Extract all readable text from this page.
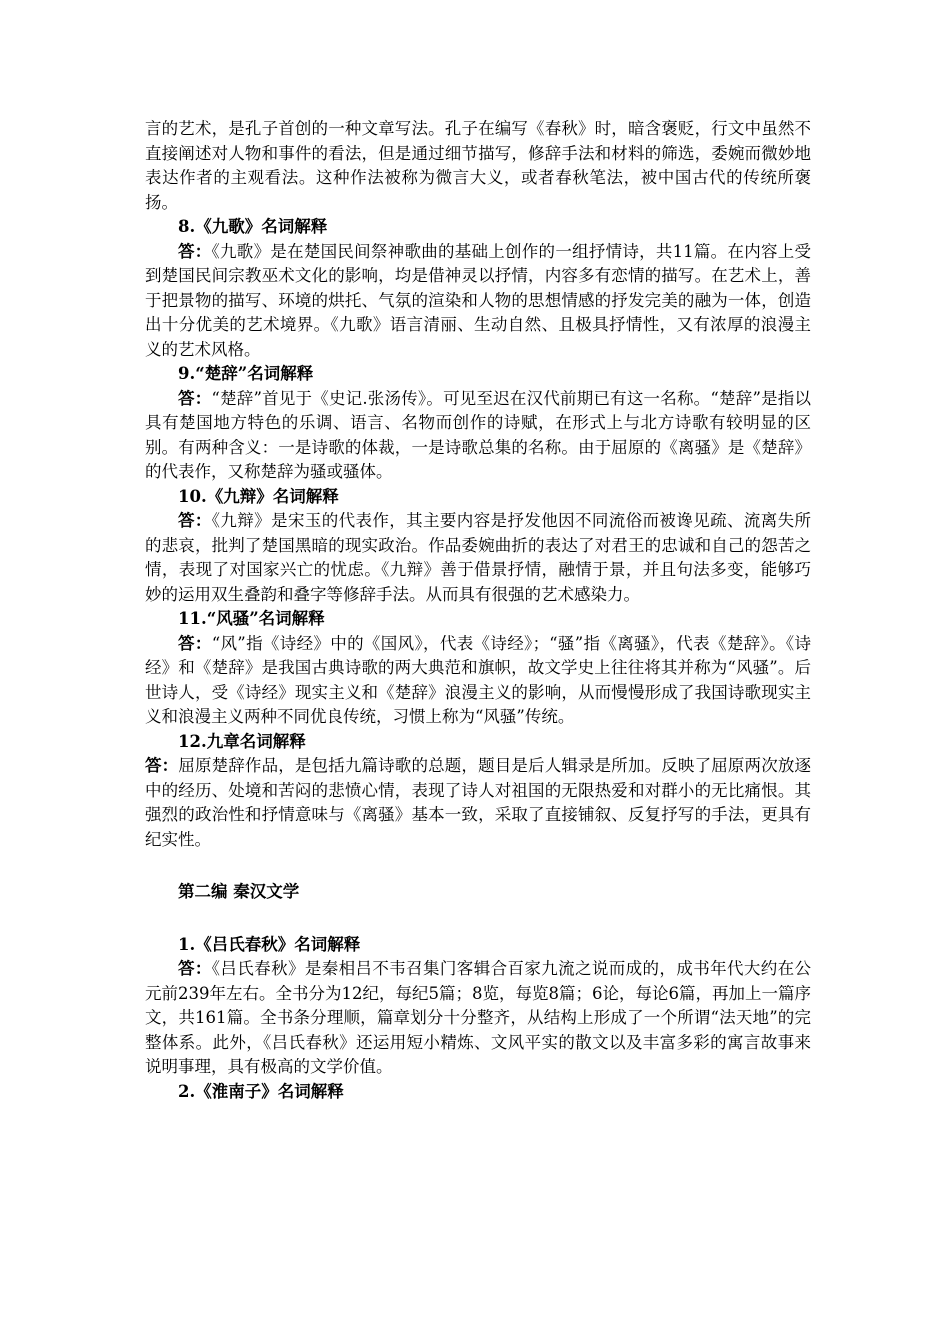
言的艺术，是孔子首创的一种文章写法。孔子在编写《春秋》时，暗含褒贬，行文中虽然不直接阐述对人物和事件的看法，但是通过细节描写，修辞手法和材料的筛选，委婉而微妙地表达作者的主观看法。这种作法被称为微言大义，或者春秋笔法，被中国古代的传统所褒扬。

8.《九歌》名词解释

答：《九歌》是在楚国民间祭神歌曲的基础上创作的一组抒情诗，共11篇。在内容上受到楚国民间宗教巫术文化的影响，均是借神灵以抒情，内容多有恋情的描写。在艺术上，善于把景物的描写、环境的烘托、气氛的渲染和人物的思想情感的抒发完美的融为一体，创造出十分优美的艺术境界。《九歌》语言清丽、生动自然、且极具抒情性，又有浓厚的浪漫主义的艺术风格。

9.“楚辞”名词解释

答：“楚辞”首见于《史记.张汤传》。可见至迟在汉代前期已有这一名称。“楚辞”是指以具有楚国地方特色的乐调、语言、名物而创作的诗赋，在形式上与北方诗歌有较明显的区别。有两种含义：一是诗歌的体裁，一是诗歌总集的名称。由于屈原的《离骚》是《楚辞》的代表作，又称楚辞为骚或骚体。

10.《九辩》名词解释

答：《九辩》是宋玉的代表作，其主要内容是抒发他因不同流俗而被谗见疏、流离失所的悲哀，批判了楚国黑暗的现实政治。作品委婉曲折的表达了对君王的忠诚和自己的怨苦之情，表现了对国家兴亡的忧虑。《九辩》善于借景抒情，融情于景，并且句法多变，能够巧妙的运用双生叠韵和叠字等修辞手法。从而具有很强的艺术感染力。

11.“风骚”名词解释

答：“风”指《诗经》中的《国风》，代表《诗经》；“骚”指《离骚》，代表《楚辞》。《诗经》和《楚辞》是我国古典诗歌的两大典范和旗帜，故文学史上往往将其并称为“风骚”。后世诗人，受《诗经》现实主义和《楚辞》浪漫主义的影响，从而慢慢形成了我国诗歌现实主义和浪漫主义两种不同优良传统，习惯上称为“风骚”传统。

12.九章名词解释

答：屈原楚辞作品，是包括九篇诗歌的总题，题目是后人辑录是所加。反映了屈原两次放逐中的经历、处境和苦闷的悲愤心情，表现了诗人对祖国的无限热爱和对群小的无比痛恨。其强烈的政治性和抒情意味与《离骚》基本一致，采取了直接铺叙、反复抒写的手法，更具有纪实性。

第二编 秦汉文学

1.《吕氏春秋》名词解释

答：《吕氏春秋》是秦相吕不韦召集门客辑合百家九流之说而成的，成书年代大约在公元前239年左右。全书分为12纪，每纪5篇；8览，每览8篇；6论，每论6篇，再加上一篇序文，共161篇。全书条分理顺，篇章划分十分整齐，从结构上形成了一个所谓“法天地”的完整体系。此外，《吕氏春秋》还运用短小精炼、文风平实的散文以及丰富多彩的寓言故事来说明事理，具有极高的文学价值。

2.《淮南子》名词解释
